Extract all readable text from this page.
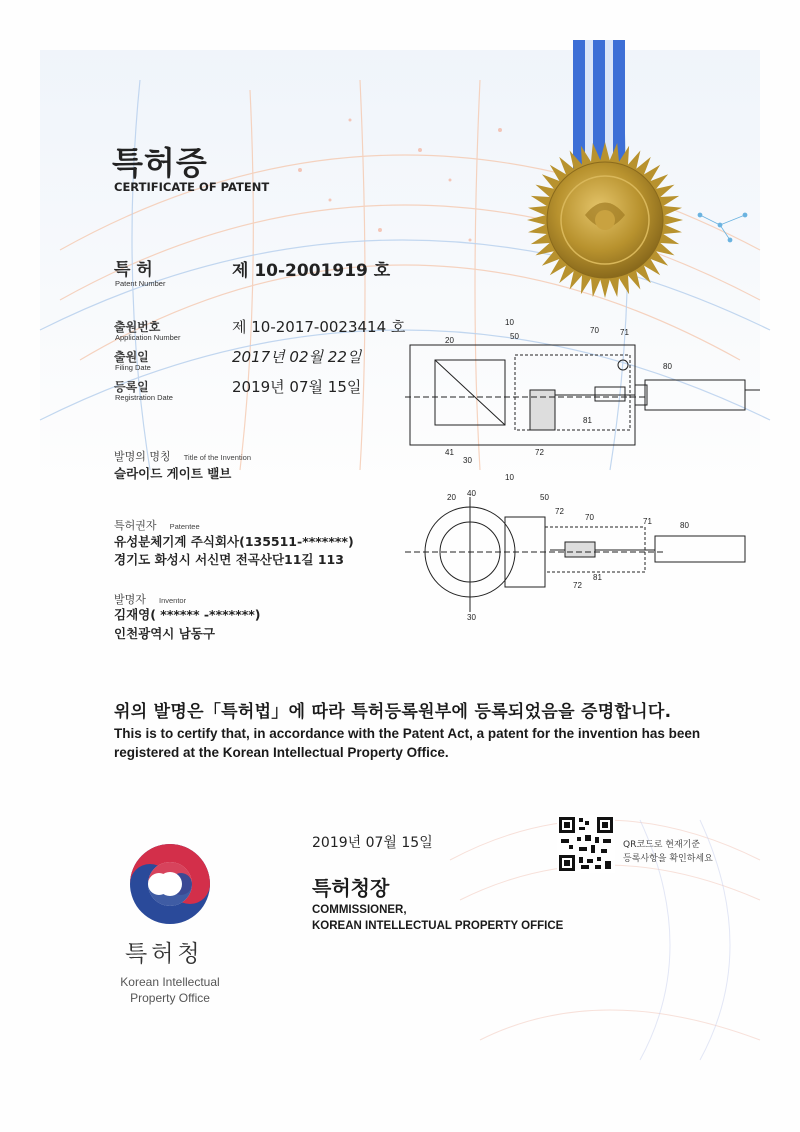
특허증
CERTIFICATE OF PATENT
특 허
Patent Number
제 10-2001919 호
출원번호
Application Number
제 10-2017-0023414 호
출원일
Filing Date
2017년 02월 22일
등록일
Registration Date
2019년 07월 15일
발명의 명칭 Title of the Invention
슬라이드 게이트 밸브
특허권자 Patentee
유성분체기계 주식회사(135511-*******)
경기도 화성시 서신면 전곡산단11길 113
발명자 Inventor
김재영( ****** -*******)
인천광역시 남동구
10
20	50
70	71
80
81
41
30
72
10
20 40	50
72
70	71	80
81
72
30
위의 발명은「특허법」에 따라 특허등록원부에 등록되었음을 증명합니다.
This is to certify that, in accordance with the Patent Act, a patent for the invention has been registered at the Korean Intellectual Property Office.
2019년 07월 15일
특허청장
COMMISSIONER,
KOREAN INTELLECTUAL PROPERTY OFFICE
QR코드로 현재기준
등록사항을 확인하세요
특허청
Korean Intellectual
Property Office
